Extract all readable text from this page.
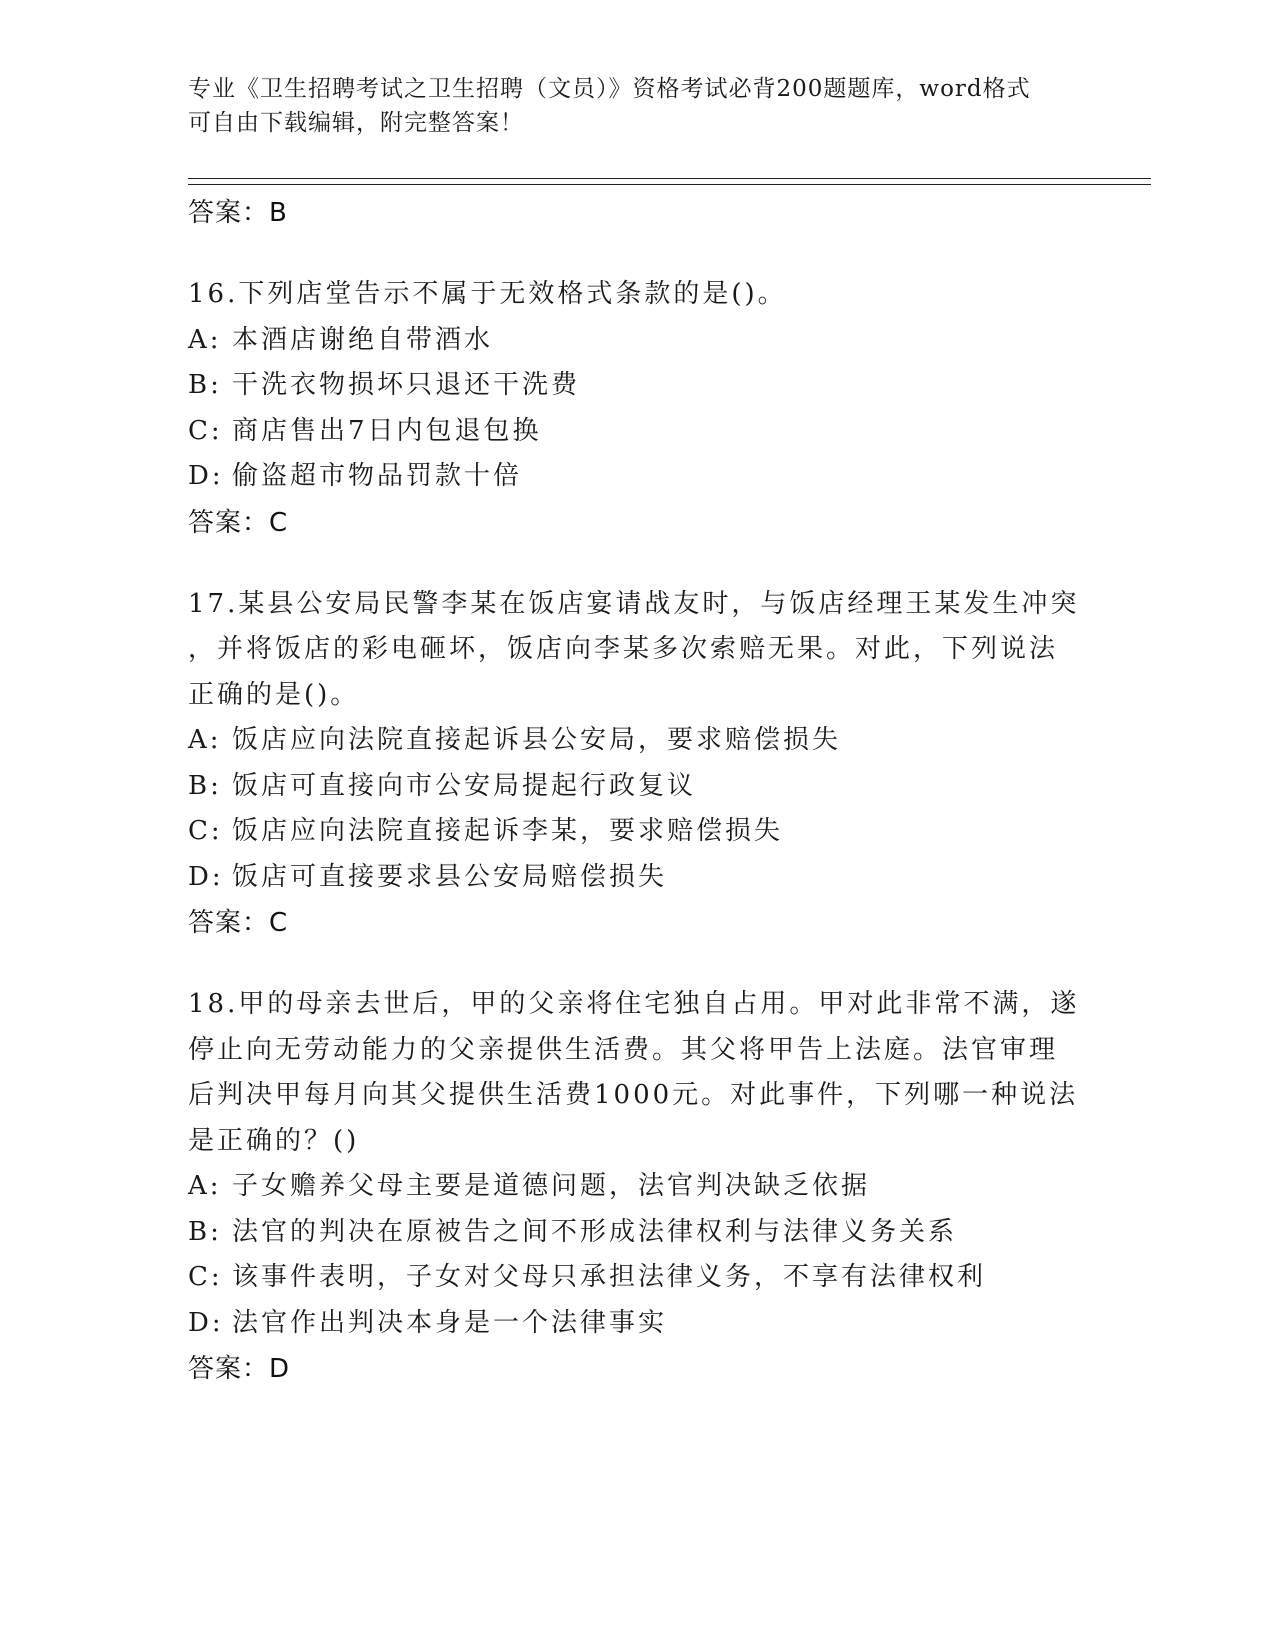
专业《卫生招聘考试之卫生招聘（文员）》资格考试必背200题题库，word格式
可自由下载编辑，附完整答案！
答案：B
16.下列店堂告示不属于无效格式条款的是()。
A: 本酒店谢绝自带酒水
B: 干洗衣物损坏只退还干洗费
C: 商店售出7日内包退包换
D: 偷盗超市物品罚款十倍
答案：C
17.某县公安局民警李某在饭店宴请战友时，与饭店经理王某发生冲突
，并将饭店的彩电砸坏，饭店向李某多次索赔无果。对此，下列说法
正确的是()。
A: 饭店应向法院直接起诉县公安局，要求赔偿损失
B: 饭店可直接向市公安局提起行政复议
C: 饭店应向法院直接起诉李某，要求赔偿损失
D: 饭店可直接要求县公安局赔偿损失
答案：C
18.甲的母亲去世后，甲的父亲将住宅独自占用。甲对此非常不满，遂
停止向无劳动能力的父亲提供生活费。其父将甲告上法庭。法官审理
后判决甲每月向其父提供生活费1000元。对此事件，下列哪一种说法
是正确的？()
A: 子女赡养父母主要是道德问题，法官判决缺乏依据
B: 法官的判决在原被告之间不形成法律权利与法律义务关系
C: 该事件表明，子女对父母只承担法律义务，不享有法律权利
D: 法官作出判决本身是一个法律事实
答案：D
